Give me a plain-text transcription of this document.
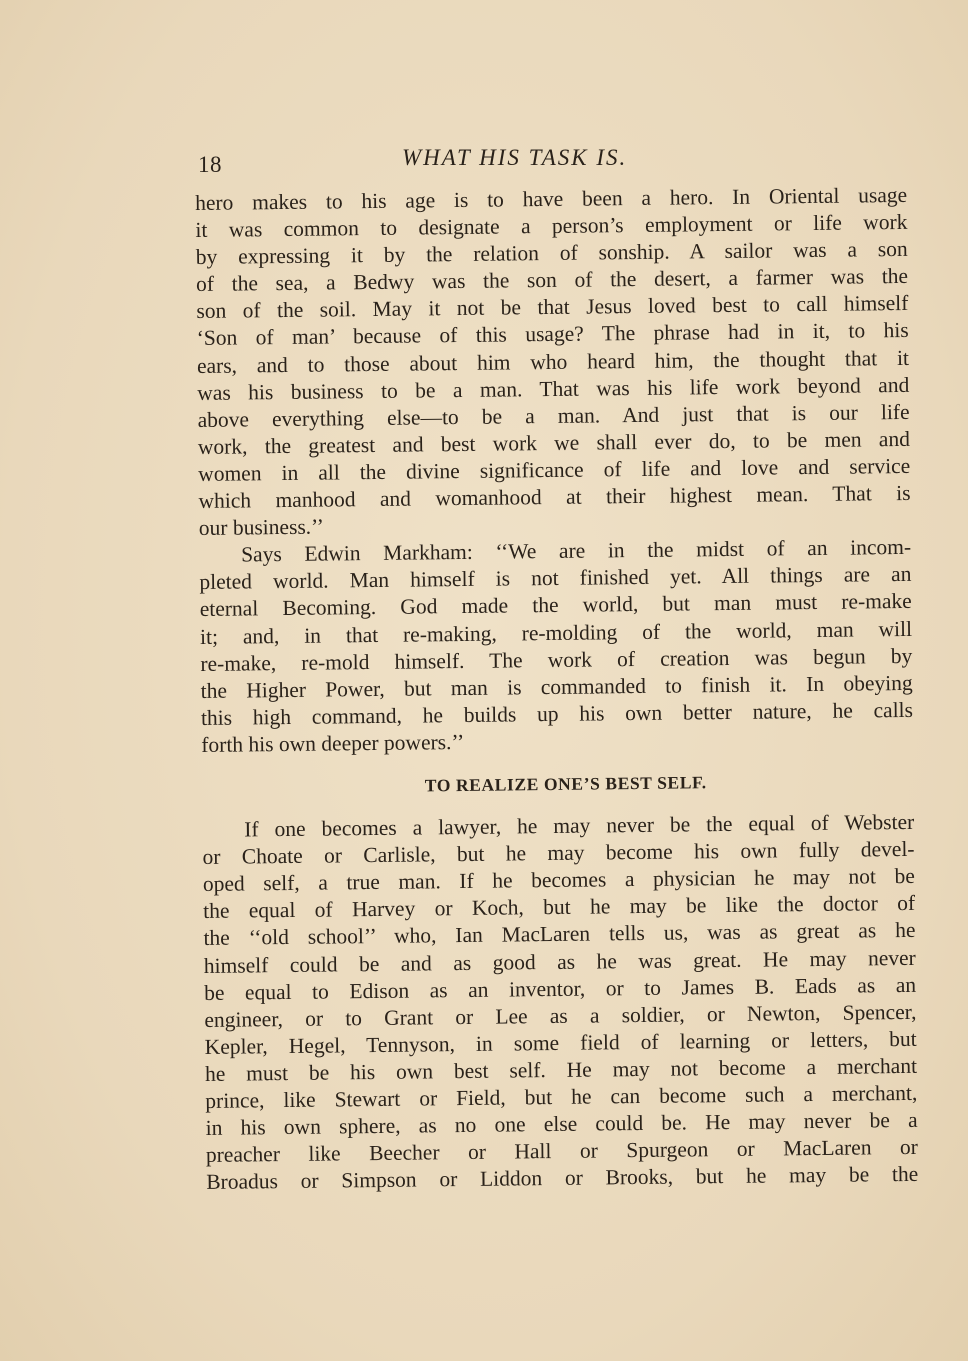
18	WHAT HIS TASK IS.
hero makes to his age is to have been a hero. In Oriental usage
it was common to designate a person’s employment or life work
by expressing it by the relation of sonship. A sailor was a son
of the sea, a Bedwy was the son of the desert, a farmer was the
son of the soil. May it not be that Jesus loved best to call himself
‘Son of man’ because of this usage? The phrase had in it, to his
ears, and to those about him who heard him, the thought that it
was his business to be a man. That was his life work beyond and
above everything else—to be a man. And just that is our life
work, the greatest and best work we shall ever do, to be men and
women in all the divine significance of life and love and service
which manhood and womanhood at their highest mean. That is
our business.’’
Says Edwin Markham: ‘‘We are in the midst of an incom-
pleted world. Man himself is not finished yet. All things are an
eternal Becoming. God made the world, but man must re-make
it; and, in that re-making, re-molding of the world, man will
re-make, re-mold himself. The work of creation was begun by
the Higher Power, but man is commanded to finish it. In obeying
this high command, he builds up his own better nature, he calls
forth his own deeper powers.’’
TO REALIZE ONE’S BEST SELF.
If one becomes a lawyer, he may never be the equal of Webster
or Choate or Carlisle, but he may become his own fully devel-
oped self, a true man. If he becomes a physician he may not be
the equal of Harvey or Koch, but he may be like the doctor of
the ‘‘old school’’ who, Ian MacLaren tells us, was as great as he
himself could be and as good as he was great. He may never
be equal to Edison as an inventor, or to James B. Eads as an
engineer, or to Grant or Lee as a soldier, or Newton, Spencer,
Kepler, Hegel, Tennyson, in some field of learning or letters, but
he must be his own best self. He may not become a merchant
prince, like Stewart or Field, but he can become such a merchant,
in his own sphere, as no one else could be. He may never be a
preacher like Beecher or Hall or Spurgeon or MacLaren or
Broadus or Simpson or Liddon or Brooks, but he may be the
